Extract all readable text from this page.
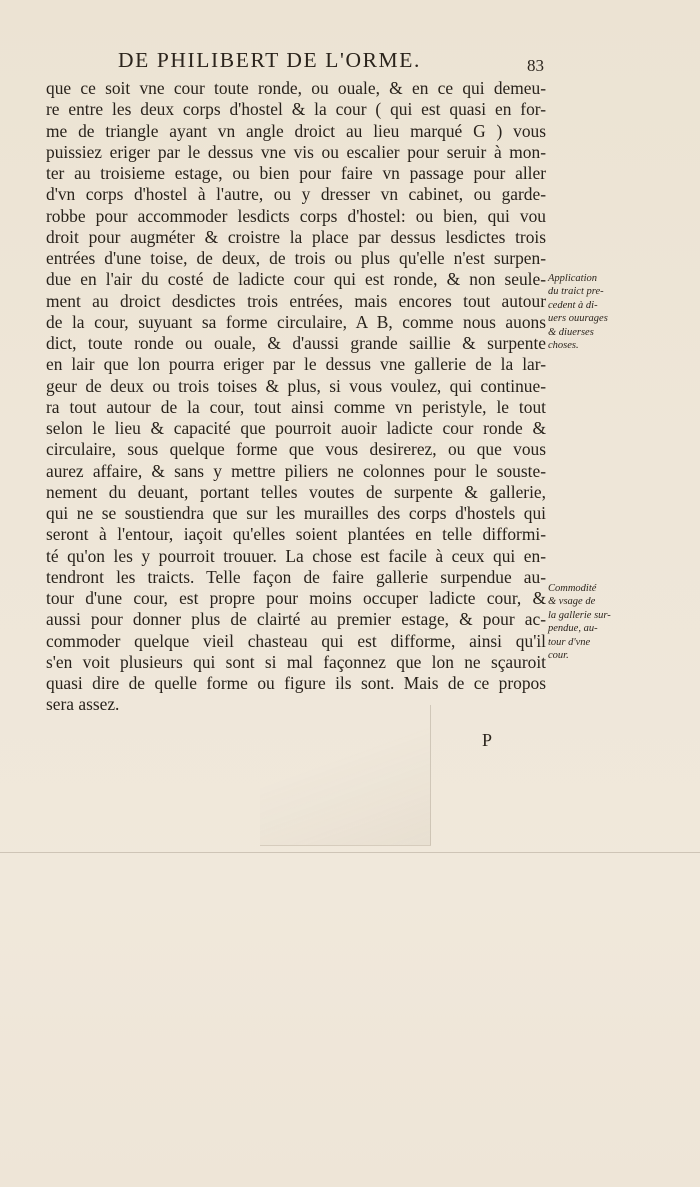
DE PHILIBERT DE L'ORME.	83
que ce soit vne cour toute ronde, ou ouale, & en ce qui demeu-
re entre les deux corps d'hostel & la cour ( qui est quasi en for-
me de triangle ayant vn angle droict au lieu marqué G ) vous
puissiez eriger par le dessus vne vis ou escalier pour seruir à mon-
ter au troisieme estage, ou bien pour faire vn passage pour aller
d'vn corps d'hostel à l'autre, ou y dresser vn cabinet, ou garde-
robbe pour accommoder lesdicts corps d'hostel: ou bien, qui vou
droit pour augméter & croistre la place par dessus lesdictes trois
entrées d'une toise, de deux, de trois ou plus qu'elle n'est surpen-
due en l'air du costé de ladicte cour qui est ronde, & non seule-
ment au droict desdictes trois entrées, mais encores tout autour
de la cour, suyuant sa forme circulaire, A B, comme nous auons
dict, toute ronde ou ouale, & d'aussi grande saillie & surpente
en lair que lon pourra eriger par le dessus vne gallerie de la lar-
geur de deux ou trois toises & plus, si vous voulez, qui continue-
ra tout autour de la cour, tout ainsi comme vn peristyle, le tout
selon le lieu & capacité que pourroit auoir ladicte cour ronde &
circulaire, sous quelque forme que vous desirerez, ou que vous
aurez affaire, & sans y mettre piliers ne colonnes pour le souste-
nement du deuant, portant telles voutes de surpente & gallerie,
qui ne se soustiendra que sur les murailles des corps d'hostels qui
seront à l'entour, iaçoit qu'elles soient plantées en telle difformi-
té qu'on les y pourroit trouuer. La chose est facile à ceux qui en-
tendront les traicts. Telle façon de faire gallerie surpendue au-
tour d'une cour, est propre pour moins occuper ladicte cour, &
aussi pour donner plus de clairté au premier estage, & pour ac-
commoder quelque vieil chasteau qui est difforme, ainsi qu'il
s'en voit plusieurs qui sont si mal façonnez que lon ne sçauroit
quasi dire de quelle forme ou figure ils sont. Mais de ce propos
sera assez.
Application
du traict pre-
cedent à di-
uers ouurages
& diuerses
choses.
Commodité
& vsage de
la gallerie sur-
pendue, au-
tour d'vne
cour.
P
